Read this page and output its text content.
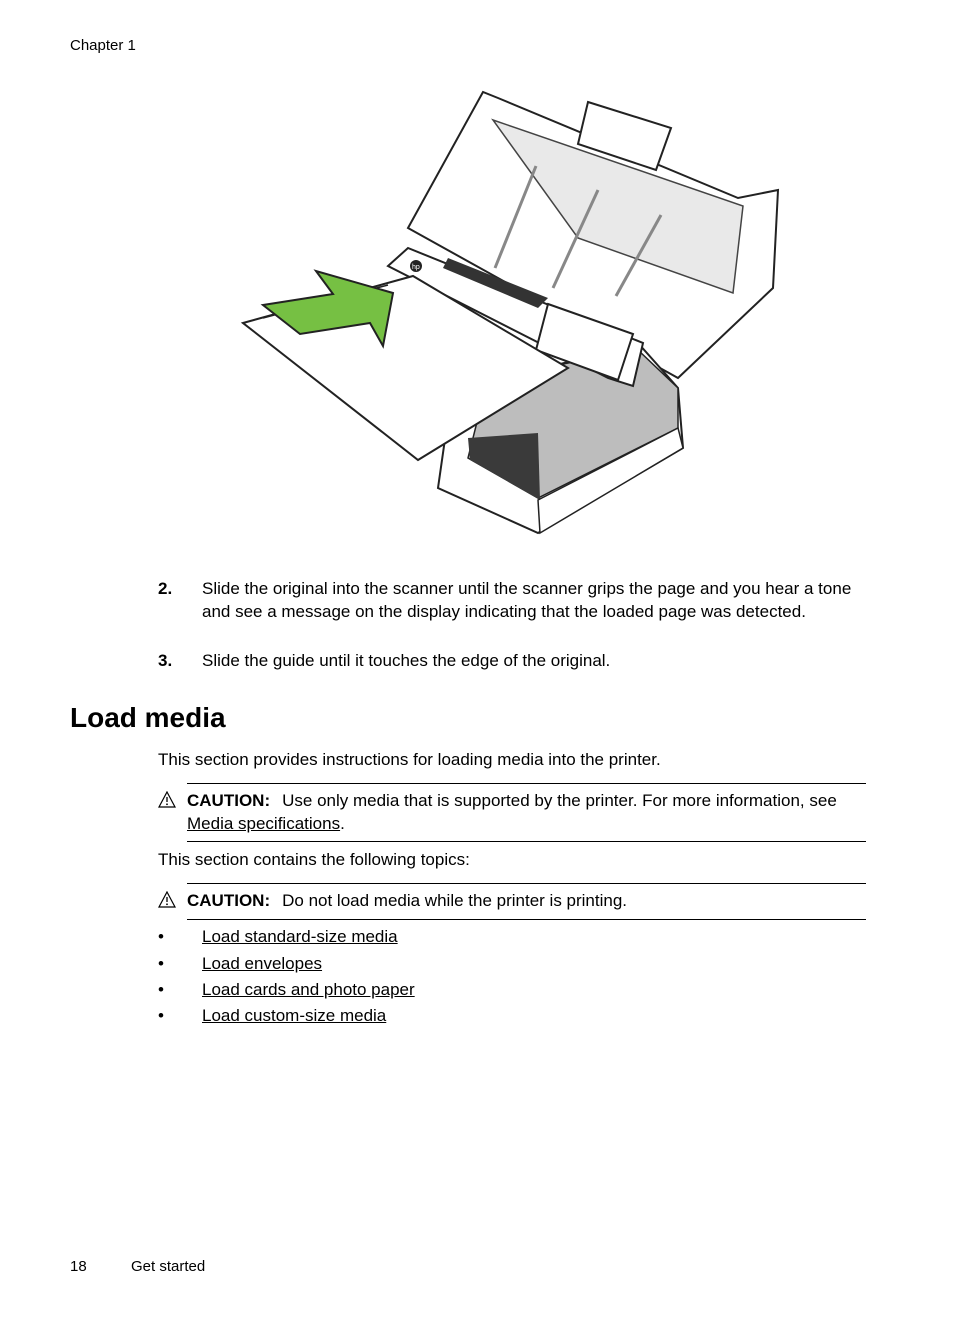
Chapter 1
hp
2. Slide the original into the scanner until the scanner grips the page and you hear a tone and see a message on the display indicating that the loaded page was detected.
3. Slide the guide until it touches the edge of the original.
Load media
This section provides instructions for loading media into the printer.
CAUTION: Use only media that is supported by the printer. For more information, see Media specifications.
This section contains the following topics:
CAUTION: Do not load media while the printer is printing.
• Load standard-size media
• Load envelopes
• Load cards and photo paper
• Load custom-size media
18	Get started
